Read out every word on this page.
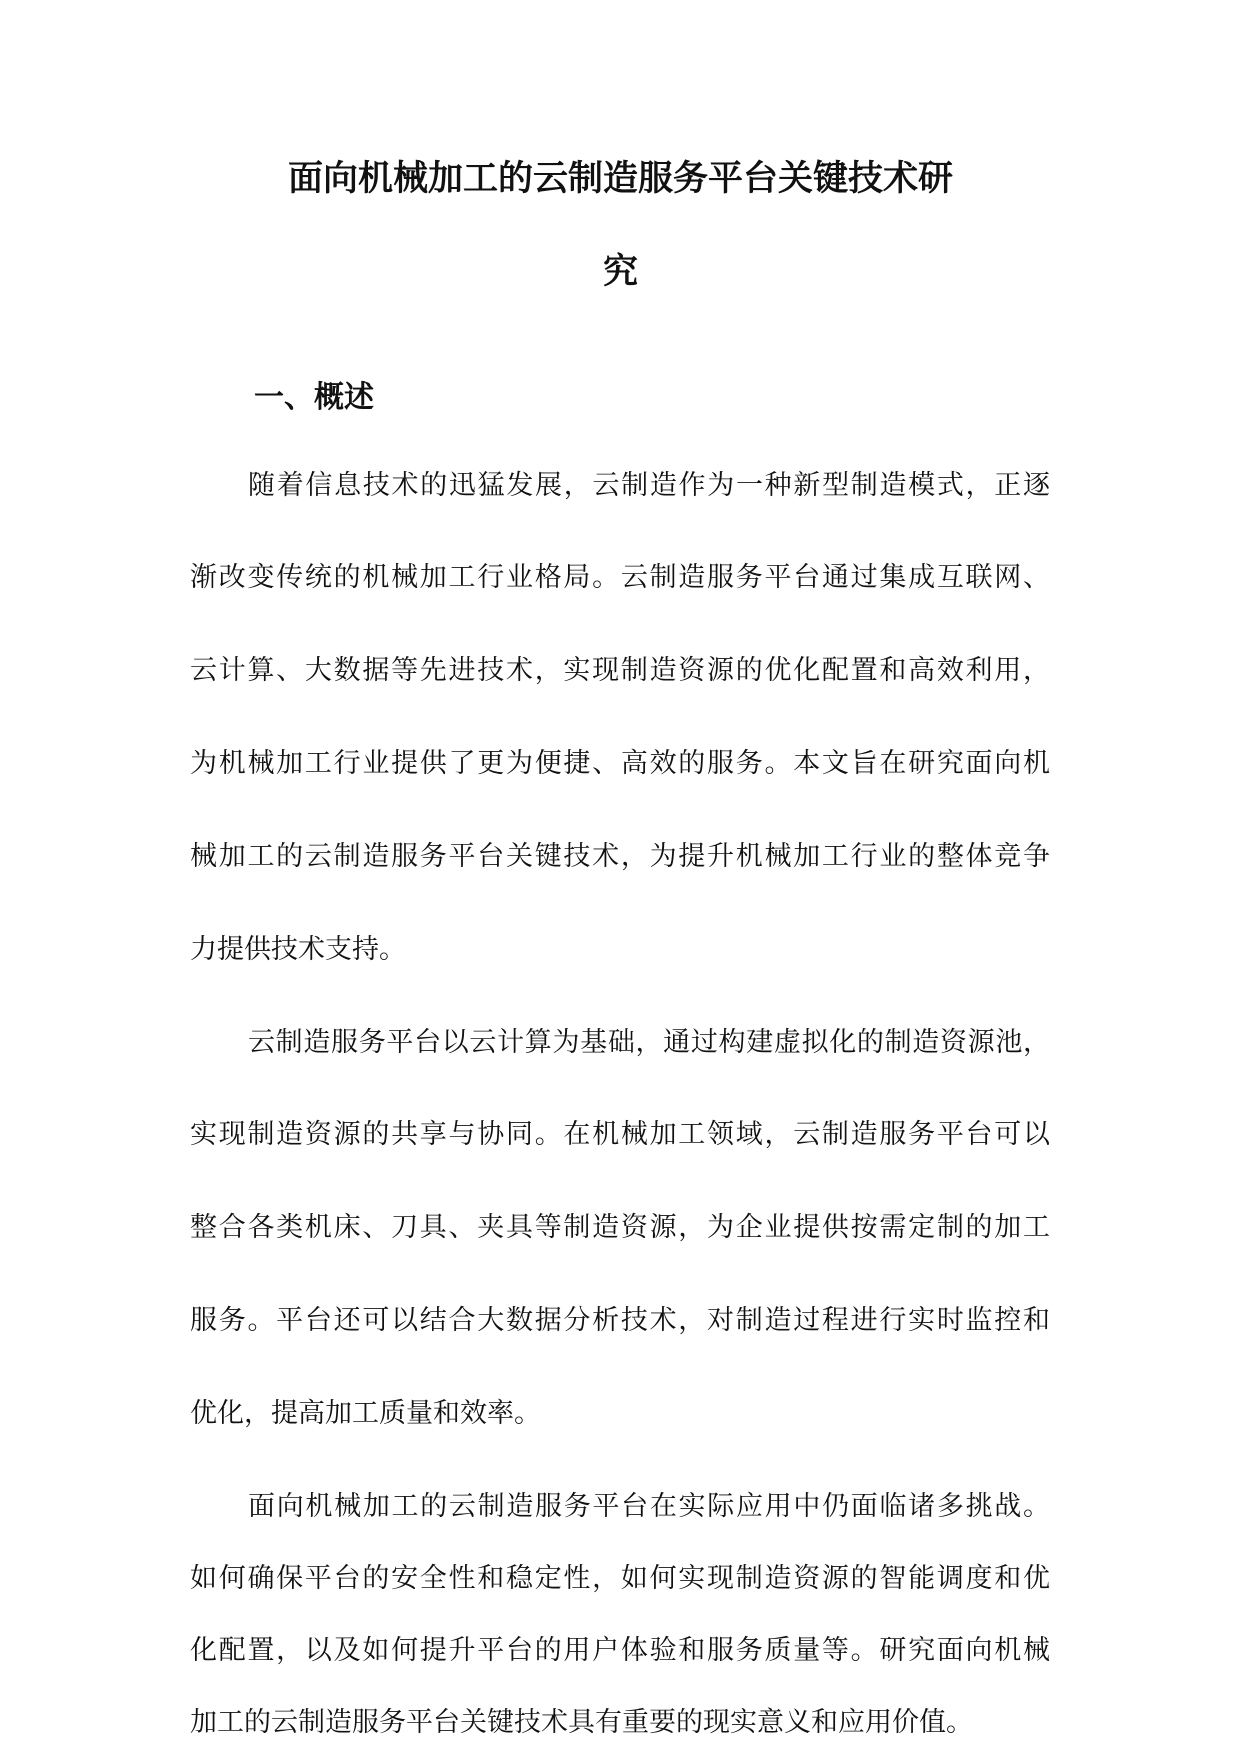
面向机械加工的云制造服务平台关键技术研
究
一、概述
随着信息技术的迅猛发展，云制造作为一种新型制造模式，正逐
渐改变传统的机械加工行业格局。云制造服务平台通过集成互联网、
云计算、大数据等先进技术，实现制造资源的优化配置和高效利用，
为机械加工行业提供了更为便捷、高效的服务。本文旨在研究面向机
械加工的云制造服务平台关键技术，为提升机械加工行业的整体竞争
力提供技术支持。
云制造服务平台以云计算为基础，通过构建虚拟化的制造资源池，
实现制造资源的共享与协同。在机械加工领域，云制造服务平台可以
整合各类机床、刀具、夹具等制造资源，为企业提供按需定制的加工
服务。平台还可以结合大数据分析技术，对制造过程进行实时监控和
优化，提高加工质量和效率。
面向机械加工的云制造服务平台在实际应用中仍面临诸多挑战。
如何确保平台的安全性和稳定性，如何实现制造资源的智能调度和优
化配置，以及如何提升平台的用户体验和服务质量等。研究面向机械
加工的云制造服务平台关键技术具有重要的现实意义和应用价值。
